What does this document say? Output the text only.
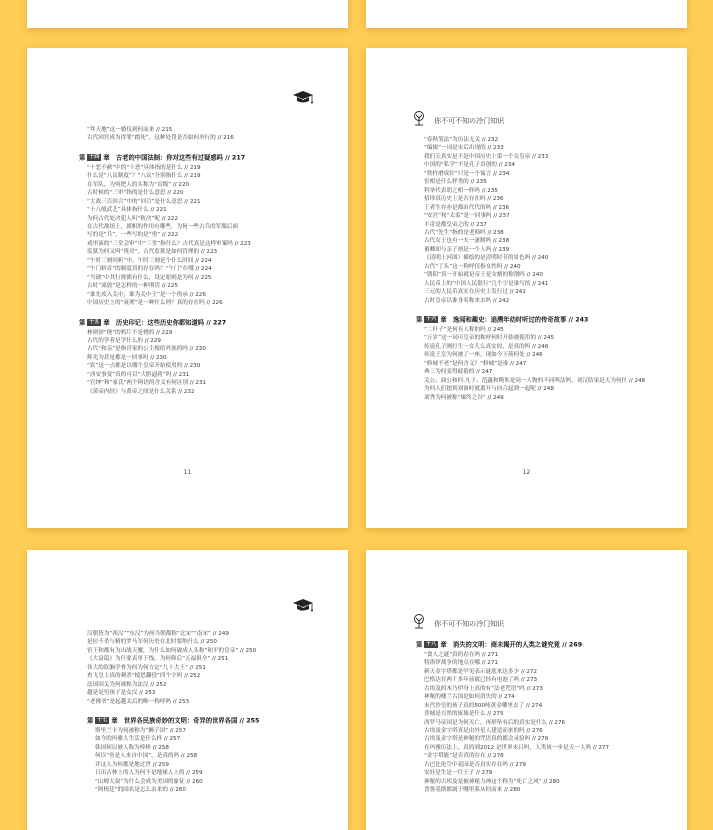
“拜天地”这一婚仪到何而来 // 215
古代因宫成为得罪“踏死”，这种处罚是否如何举行的 // 216
第 十四 章　古老的中国法制：你对这些有过疑惑吗 // 217
“十恶不赦”中的“十恶”具体指的是什么 // 219
什么是“八议制度”？“八议”分别指什么 // 219
在军队，为何把人的头称为“首级” // 220
古时候的“三审”指的是什么意思 // 220
“大战三百回合”中的“回合”是什么意思 // 221
“十八般武艺”具体指什么 // 221
为何古代处决犯人叫“秋决”呢 // 222
在古代战场上，旗帜的作用有哪些，为何一些古兵的军服后面
写的是“兵”，一些写的是“勇” // 222
戏里演的“三堂会审”中“三堂”指什么？古代真是这样审案吗 // 223
监狱为何又叫“班房”，古代监狱是如何管理的 // 223
“午时三刻问斩”中，午时三刻是个什么时间 // 224
“午门斩首”的制度真的存在吗？“午门”在哪 // 224
“当铺”中其行规都有什么，设定原则是为何 // 225
古时“流放”是怎样的一种刑罚 // 225
“谁先攻入关中，谁为关中王”是一个伪承 // 226
中国历史上的“衰刑”是一种什么刑？真的存在吗 // 226
第 十五 章　历史印记：这些历史你都知道吗 // 227
林则徐“烧”的鸦片不是烧的 // 229
古代的学者是学什么的 // 229
古代“和亲”是指宫家的公主嫁给外族的吗 // 230
辉光为甚是都是一回事吗 // 230
“钦”这一点都是以哪个皇帝开始使用的 // 230
“西安事变”真的可以“大胆逼蒋”吗 // 231
“官绅”和“家氏”两个阿语的含义有何区别 // 231
《黄帝内经》与黄帝之间是什么关系 // 232
11
你不可不知の冷门知识
“春秋笔法”为历法无关 // 232
“编辑”一词是宋后出现的 // 233
我们天真实是不是中国历史上第一个女皇帝 // 233
中国的“私学”不是孔子首创的 // 234
“铁杵磨成针”只是一个寓言 // 234
宦相是什么样类的 // 235
科举代表胡之相一样吗 // 235
招珍真历史上是否存在吗 // 236
王者生存亦是都由代代的吗 // 236
“安宫”和“太监”是一回事吗 // 237
丰奇是都皇帝之的 // 237
古代“先生”指的是老师吗 // 238
古代女王也有一夫一妻制吗 // 238
董卿却与亲子则是一个人吗 // 239
《清明上河图》描绘的是清明时节的景色吗 // 240
古代“丁头”这一称呼仅指女性吗 // 240
“朝阳”真一开始就是帝王是女婿的称谓吗 // 240
人民币上的“中国人民银行”几个字是谁写的 // 241
三元的人民币真实在历史上发行过 // 242
古时皇帝以谁身名称来去吗 // 242
第 十六 章　逸闻和趣史：追溯年幼时听过的传奇故事 // 243
“二杆子”是何有人称的吗 // 245
“万岁”这一词可皇帝的称呼何时开始被使用的 // 245
传说孔子刚打生一女儿么真实的，是真的吗 // 246
传说王皇为何被了一座，现如今下落何处 // 246
“修城不老”是何含义？“修城”是谁 // 247
典三为何变得疲倦的 // 247
关公、面公和何·凡子、范蠡和陶朱是同一人物的不同叫法吗，刘汉结果是天为何什 // 248
为何人们提到刘备时就离开与同合起到一起呢 // 248
刘秀为何被称“缘终之谷” // 249
12
汉朝皆为“西汉”“东汉”为何当朝都称“北宋”“南宋” // 249
是拉不杀与精的罗马军何历史在北时要纳什么 // 250
宦王和都有为出战天魔，为什么如何破成人头称“和平的皇帝” // 250
《大富篇》为什要表单于线，为何仰后“五福俱全” // 251
伟大的钦脑学骨为何为何方定“九十大王” // 251
查飞皇上真的刺杀“棱思翻役”四个字吗 // 252
法国因关为何被称为法汉 // 252
越是是男孩子是女汉 // 253
“老佛爷”是起越太后的唯一称呼吗 // 253
第 十七 章　世界各民族奇妙的文明：奇异的世界各国 // 255
斯里兰卡为何被称为“狮子国” // 257
如今的玛雅人生活是什么样 // 257
韩国何以被人称为棒棒 // 258
何以“鱼是人来自中国”，是真的吗 // 258
并这人为何都是地过世 // 259
日出吉林上的人为何不是地球人上的 // 259
“山姆大叔”为什么会成为美国的象征 // 260
“阿根廷”的国名是怎么由来的 // 260
你不可不知の冷门知识
第 十八 章　消失的文明：商未揭开的人类之谜究竟 // 269
“食人之谜”真的存在吗 // 271
特洛伊战争的地点在哪 // 271
刺天金字塔都是罕见表示谜底来达多少 // 272
巴格达在两千多年前就已经有电池了吗 // 273
古埃及的木乃伊身上真的有“法老咒语”吗 // 273
神秘的楼兰古国是如何消失的 // 274
末代沙皇的孩子真的500吨黄金哪里去了 // 274
普城是自然的废墟是什么 // 275
西罗马帝国是为何灭亡，再形坠有后的真实是什么 // 276
古埃及金字塔真是由外星人建造而来的吗 // 276
古埃及金字塔是神秘的咒语真的都会灵验吗 // 276
在玛雅历法上，真的到2012 是世界末日吗，人类该一步是天一人吗 // 277
“金字塔能”是否真的存在 // 278
古巴比伦空中花园是否真实存在吗 // 279
安娃是生是一往王子 // 279
神秘的古埃及是被神秘力神这个称为“死亡之风” // 280
普鲁基斯都属于哪里系从何而来 // 280
